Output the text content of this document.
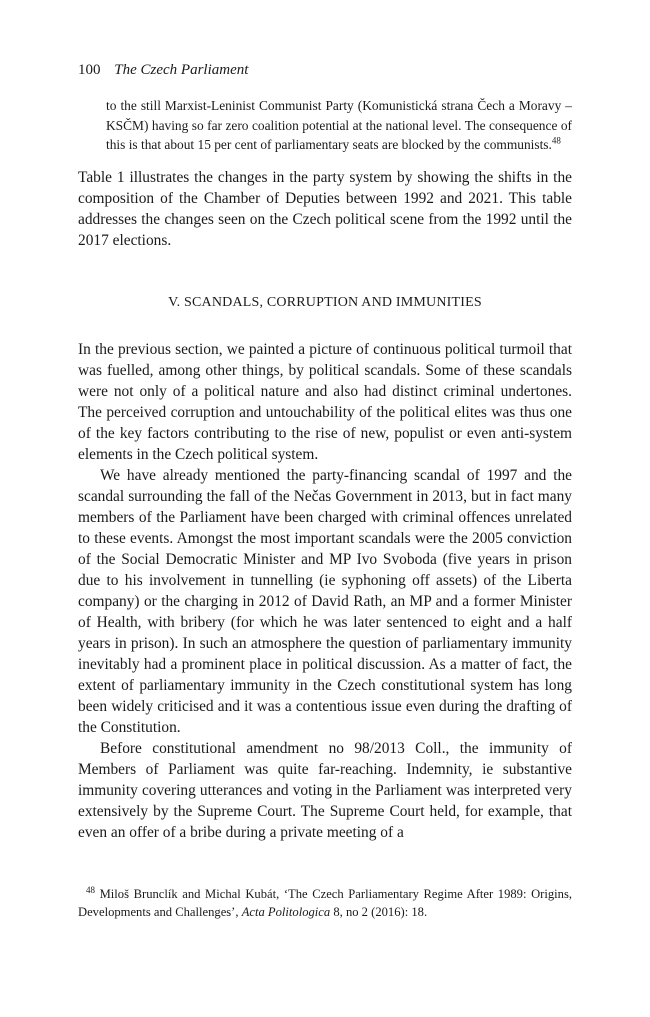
100 The Czech Parliament

to the still Marxist-Leninist Communist Party (Komunistická strana Čech a Moravy – KSČM) having so far zero coalition potential at the national level. The consequence of this is that about 15 per cent of parliamentary seats are blocked by the communists.$^{48}$

Table 1 illustrates the changes in the party system by showing the shifts in the composition of the Chamber of Deputies between 1992 and 2021. This table addresses the changes seen on the Czech political scene from the 1992 until the 2017 elections.

V. SCANDALS, CORRUPTION AND IMMUNITIES

In the previous section, we painted a picture of continuous political turmoil that was fuelled, among other things, by political scandals. Some of these scandals were not only of a political nature and also had distinct criminal undertones. The perceived corruption and untouchability of the political elites was thus one of the key factors contributing to the rise of new, populist or even anti-system elements in the Czech political system.

We have already mentioned the party-financing scandal of 1997 and the scandal surrounding the fall of the Nečas Government in 2013, but in fact many members of the Parliament have been charged with criminal offences unrelated to these events. Amongst the most important scandals were the 2005 conviction of the Social Democratic Minister and MP Ivo Svoboda (five years in prison due to his involvement in tunnelling (ie syphoning off assets) of the Liberta company) or the charging in 2012 of David Rath, an MP and a former Minister of Health, with bribery (for which he was later sentenced to eight and a half years in prison). In such an atmosphere the question of parliamentary immunity inevitably had a prominent place in political discussion. As a matter of fact, the extent of parliamentary immunity in the Czech constitutional system has long been widely criticised and it was a contentious issue even during the drafting of the Constitution.

Before constitutional amendment no 98/2013 Coll., the immunity of Members of Parliament was quite far-reaching. Indemnity, ie substantive immunity covering utterances and voting in the Parliament was interpreted very extensively by the Supreme Court. The Supreme Court held, for example, that even an offer of a bribe during a private meeting of a

$^{48}$ Miloš Brunclík and Michal Kubát, ‘The Czech Parliamentary Regime After 1989: Origins, Developments and Challenges’, Acta Politologica 8, no 2 (2016): 18.
